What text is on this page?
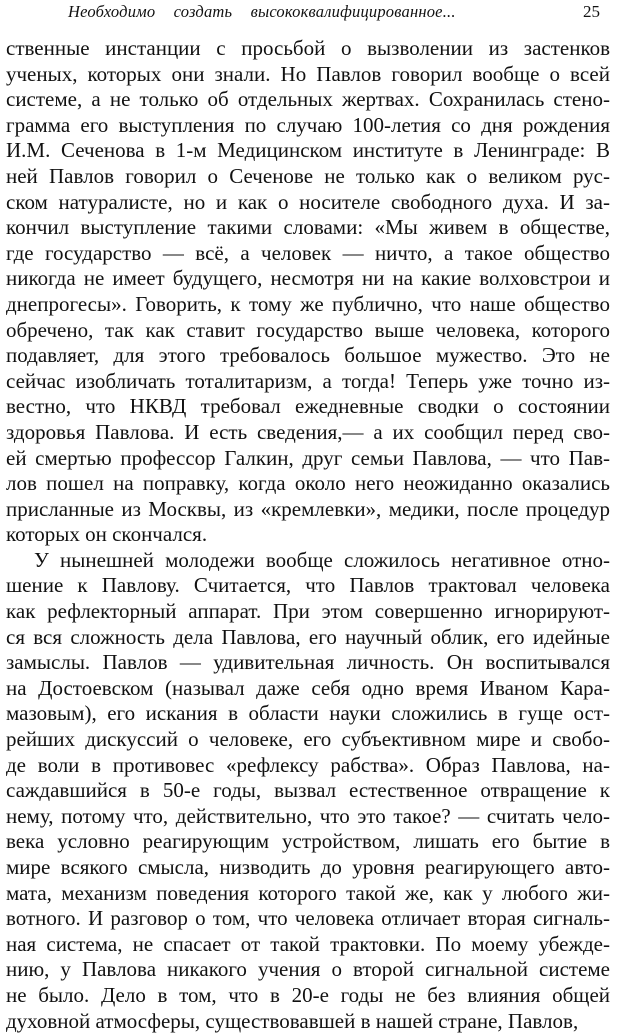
Необходимо создать высококвалифицированное...	25
ственные инстанции с просьбой о вызволении из застенков
ученых, которых они знали. Но Павлов говорил вообще о всей
системе, а не только об отдельных жертвах. Сохранилась стено-
грамма его выступления по случаю 100-летия со дня рождения
И.М. Сеченова в 1-м Медицинском институте в Ленинграде: В
ней Павлов говорил о Сеченове не только как о великом рус-
ском натуралисте, но и как о носителе свободного духа. И за-
кончил выступление такими словами: «Мы живем в обществе,
где государство — всё, а человек — ничто, а такое общество
никогда не имеет будущего, несмотря ни на какие волховстрои и
днепрогесы». Говорить, к тому же публично, что наше общество
обречено, так как ставит государство выше человека, которого
подавляет, для этого требовалось большое мужество. Это не
сейчас изобличать тоталитаризм, а тогда! Теперь уже точно из-
вестно, что НКВД требовал ежедневные сводки о состоянии
здоровья Павлова. И есть сведения,— а их сообщил перед сво-
ей смертью профессор Галкин, друг семьи Павлова, — что Пав-
лов пошел на поправку, когда около него неожиданно оказались
присланные из Москвы, из «кремлевки», медики, после процедур
которых он скончался.
У нынешней молодежи вообще сложилось негативное отно-
шение к Павлову. Считается, что Павлов трактовал человека
как рефлекторный аппарат. При этом совершенно игнорируют-
ся вся сложность дела Павлова, его научный облик, его идейные
замыслы. Павлов — удивительная личность. Он воспитывался
на Достоевском (называл даже себя одно время Иваном Кара-
мазовым), его искания в области науки сложились в гуще ост-
рейших дискуссий о человеке, его субъективном мире и свобо-
де воли в противовес «рефлексу рабства». Образ Павлова, на-
саждавшийся в 50-е годы, вызвал естественное отвращение к
нему, потому что, действительно, что это такое? — считать чело-
века условно реагирующим устройством, лишать его бытие в
мире всякого смысла, низводить до уровня реагирующего авто-
мата, механизм поведения которого такой же, как у любого жи-
вотного. И разговор о том, что человека отличает вторая сигналь-
ная система, не спасает от такой трактовки. По моему убежде-
нию, у Павлова никакого учения о второй сигнальной системе
не было. Дело в том, что в 20-е годы не без влияния общей
духовной атмосферы, существовавшей в нашей стране, Павлов,
